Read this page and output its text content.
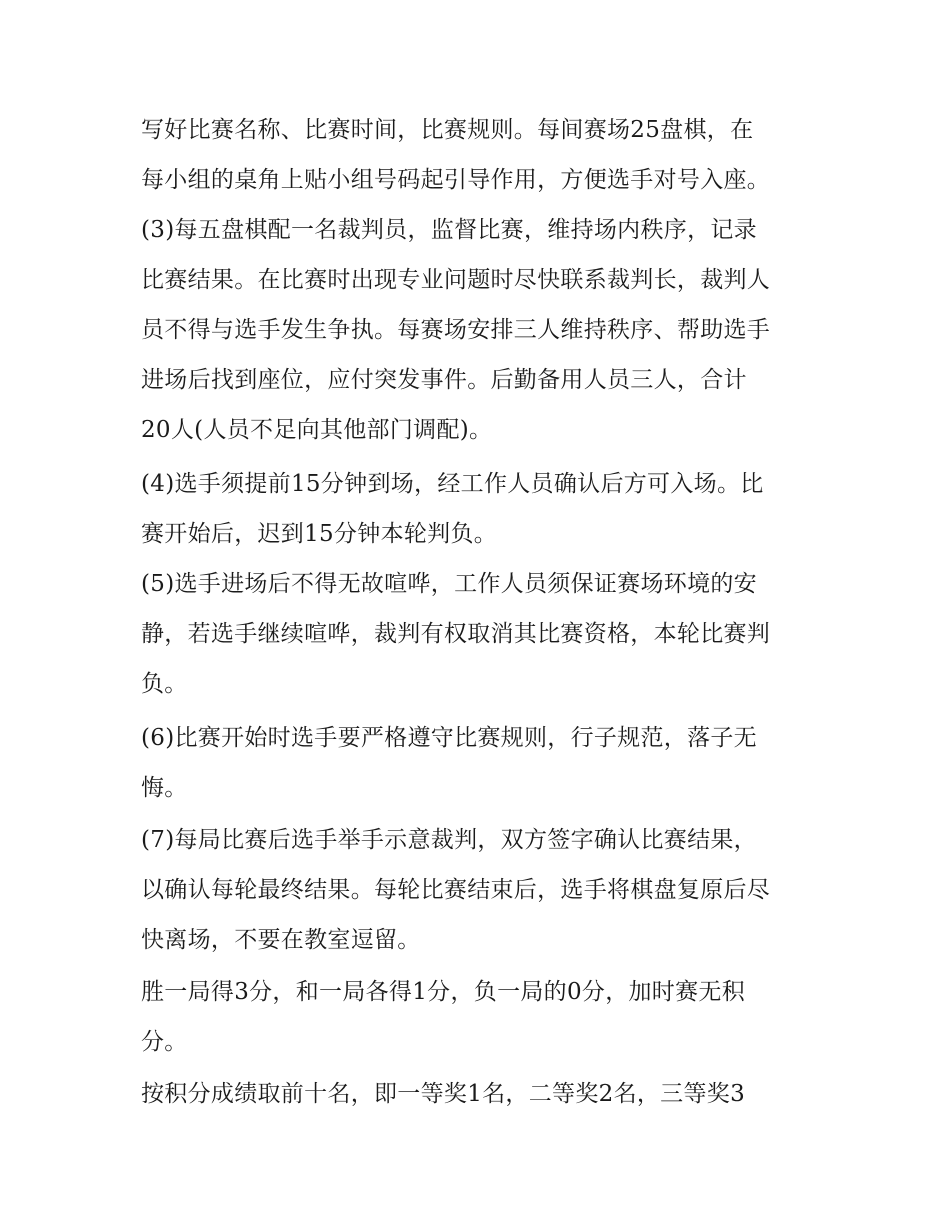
写好比赛名称、比赛时间，比赛规则。每间赛场25盘棋，在
每小组的桌角上贴小组号码起引导作用，方便选手对号入座。
(3)每五盘棋配一名裁判员，监督比赛，维持场内秩序，记录
比赛结果。在比赛时出现专业问题时尽快联系裁判长，裁判人
员不得与选手发生争执。每赛场安排三人维持秩序、帮助选手
进场后找到座位，应付突发事件。后勤备用人员三人，合计
20人(人员不足向其他部门调配)。
(4)选手须提前15分钟到场，经工作人员确认后方可入场。比
赛开始后，迟到15分钟本轮判负。
(5)选手进场后不得无故喧哗，工作人员须保证赛场环境的安
静，若选手继续喧哗，裁判有权取消其比赛资格，本轮比赛判
负。
(6)比赛开始时选手要严格遵守比赛规则，行子规范，落子无
悔。
(7)每局比赛后选手举手示意裁判，双方签字确认比赛结果，
以确认每轮最终结果。每轮比赛结束后，选手将棋盘复原后尽
快离场，不要在教室逗留。
胜一局得3分，和一局各得1分，负一局的0分，加时赛无积
分。
按积分成绩取前十名，即一等奖1名，二等奖2名，三等奖3
